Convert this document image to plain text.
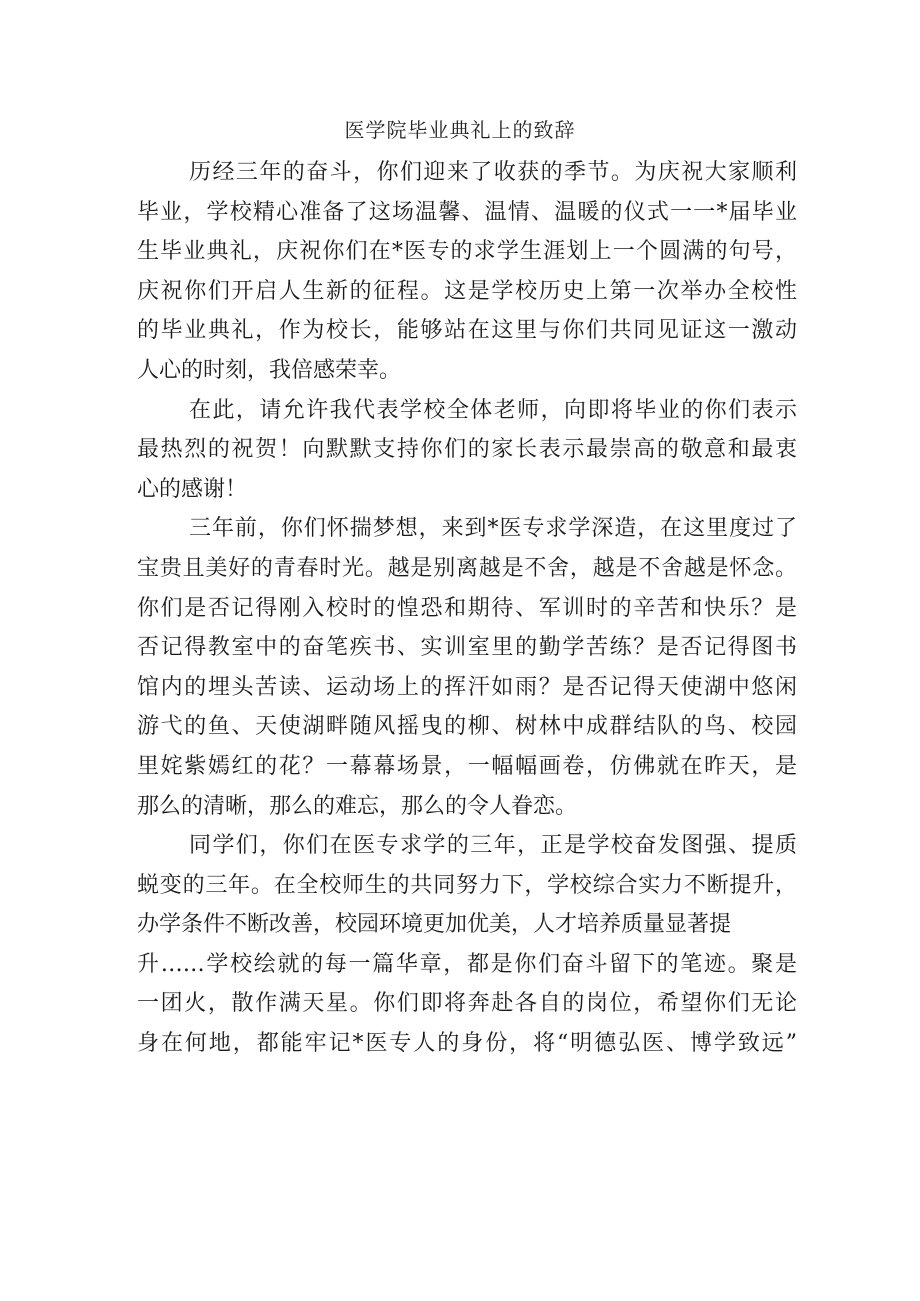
医学院毕业典礼上的致辞
历经三年的奋斗，你们迎来了收获的季节。为庆祝大家顺利
毕业，学校精心准备了这场温馨、温情、温暖的仪式一一*届毕业
生毕业典礼，庆祝你们在*医专的求学生涯划上一个圆满的句号，
庆祝你们开启人生新的征程。这是学校历史上第一次举办全校性
的毕业典礼，作为校长，能够站在这里与你们共同见证这一激动
人心的时刻，我倍感荣幸。
在此，请允许我代表学校全体老师，向即将毕业的你们表示
最热烈的祝贺！向默默支持你们的家长表示最崇高的敬意和最衷
心的感谢！
三年前，你们怀揣梦想，来到*医专求学深造，在这里度过了
宝贵且美好的青春时光。越是别离越是不舍，越是不舍越是怀念。
你们是否记得刚入校时的惶恐和期待、军训时的辛苦和快乐？是
否记得教室中的奋笔疾书、实训室里的勤学苦练？是否记得图书
馆内的埋头苦读、运动场上的挥汗如雨？是否记得天使湖中悠闲
游弋的鱼、天使湖畔随风摇曳的柳、树林中成群结队的鸟、校园
里姹紫嫣红的花？一幕幕场景，一幅幅画卷，仿佛就在昨天，是
那么的清晰，那么的难忘，那么的令人眷恋。
同学们，你们在医专求学的三年，正是学校奋发图强、提质
蜕变的三年。在全校师生的共同努力下，学校综合实力不断提升，
办学条件不断改善，校园环境更加优美，人才培养质量显著提
升……学校绘就的每一篇华章，都是你们奋斗留下的笔迹。聚是
一团火，散作满天星。你们即将奔赴各自的岗位，希望你们无论
身在何地，都能牢记*医专人的身份，将“明德弘医、博学致远”
